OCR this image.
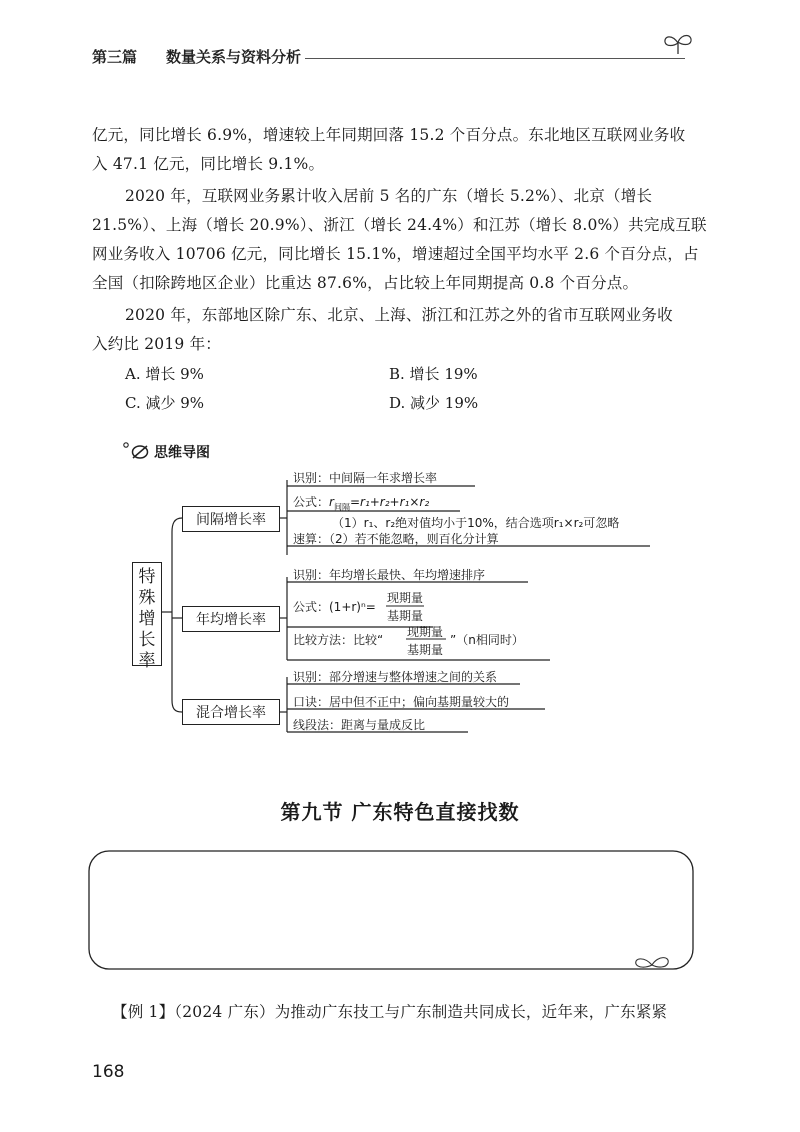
第三篇 数量关系与资料分析
亿元，同比增长 6.9%，增速较上年同期回落 15.2 个百分点。东北地区互联网业务收
入 47.1 亿元，同比增长 9.1%。
2020 年，互联网业务累计收入居前 5 名的广东（增长 5.2%）、北京（增长
21.5%）、上海（增长 20.9%）、浙江（增长 24.4%）和江苏（增长 8.0%）共完成互联
网业务收入 10706 亿元，同比增长 15.1%，增速超过全国平均水平 2.6 个百分点，占
全国（扣除跨地区企业）比重达 87.6%，占比较上年同期提高 0.8 个百分点。
2020 年，东部地区除广东、北京、上海、浙江和江苏之外的省市互联网业务收
入约比 2019 年：
A. 增长 9%	B. 增长 19%
C. 减少 9%	D. 减少 19%
思维导图
特
殊
增
长
率
间隔增长率
识别：中间隔一年求增长率
公式：$r_{间隔}=r_1+r_2+r_1\times r_2$
（1）r₁、r₂绝对值均小于10%，结合选项r₁×r₂可忽略
速算：（2）若不能忽略，则百化分计算
年均增长率
识别：年均增长最快、年均增速排序
公式：(1+r)ⁿ=
现期量
基期量
比较方法：比较“
现期量
基期量
”（n相同时）
混合增长率
识别：部分增速与整体增速之间的关系
口诀：居中但不正中；偏向基期量较大的
线段法：距离与量成反比
第九节 广东特色直接找数
【例 1】（2024 广东）为推动广东技工与广东制造共同成长，近年来，广东紧紧
168
